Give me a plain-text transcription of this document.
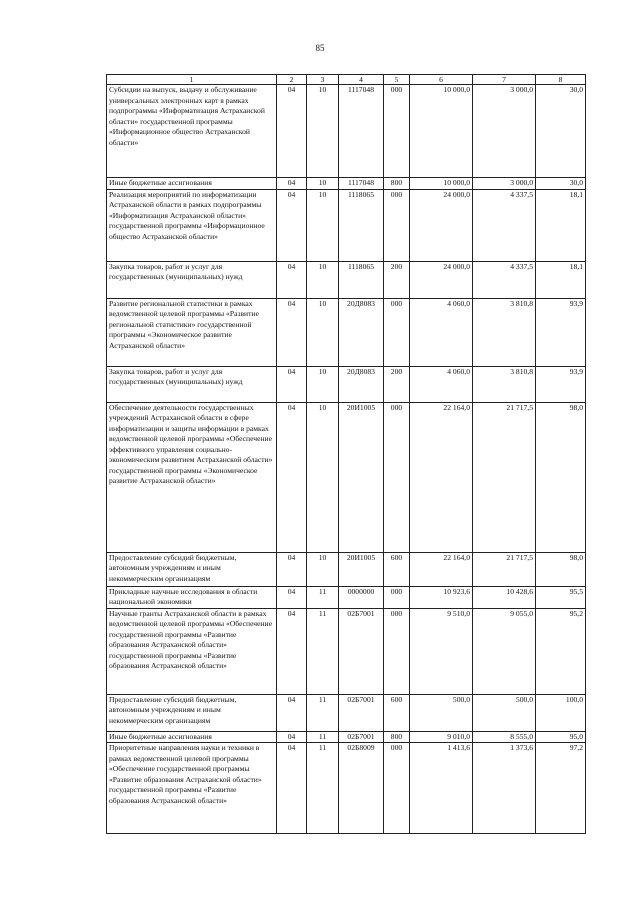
85
1	2	3	4	5	6	7	8
Субсидии на выпуск, выдачу и обслуживание универсальных электронных карт в рамках подпрограммы «Информатизация Астраханской области» государственной программы «Информационное общество Астраханской области»	04	10	1117048	000	10 000,0	3 000,0	30,0
Иные бюджетные ассигнования	04	10	1117048	800	10 000,0	3 000,0	30,0
Реализация мероприятий по информатизации Астраханской области в рамках подпрограммы «Информатизация Астраханской области» государственной программы «Информационное общество Астраханской области»	04	10	1118065	000	24 000,0	4 337,5	18,1
Закупка товаров, работ и услуг для государственных (муниципальных) нужд	04	10	1118065	200	24 000,0	4 337,5	18,1
Развитие региональной статистики в рамках ведомственной целевой программы «Развитие региональной статистики» государственной программы «Экономическое развитие Астраханской области»	04	10	20Д8083	000	4 060,0	3 810,8	93,9
Закупка товаров, работ и услуг для государственных (муниципальных) нужд	04	10	20Д8083	200	4 060,0	3 810,8	93,9
Обеспечение деятельности государственных учреждений Астраханской области в сфере информатизации и защиты информации в рамках ведомственной целевой программы «Обеспечение эффективного управления социально-экономическим развитием Астраханской области» государственной программы «Экономическое развитие Астраханской области»	04	10	20И1005	000	22 164,0	21 717,5	98,0
Предоставление субсидий бюджетным, автономным учреждениям и иным некоммерческим организациям	04	10	20И1005	600	22 164,0	21 717,5	98,0
Прикладные научные исследования в области национальной экономики	04	11	0000000	000	10 923,6	10 428,6	95,5
Научные гранты Астраханской области в рамках ведомственной целевой программы «Обеспечение государственной программы «Развитие образования Астраханской области» государственной программы «Развитие образования Астраханской области»	04	11	02Б7001	000	9 510,0	9 055,0	95,2
Предоставление субсидий бюджетным, автономным учреждениям и иным некоммерческим организациям	04	11	02Б7001	600	500,0	500,0	100,0
Иные бюджетные ассигнования	04	11	02Б7001	800	9 010,0	8 555,0	95,0
Приоритетные направления науки и техники в рамках ведомственной целевой программы «Обеспечение государственной программы «Развитие образования Астраханской области» государственной программы «Развитие образования Астраханской области»	04	11	02Б8009	000	1 413,6	1 373,6	97,2
